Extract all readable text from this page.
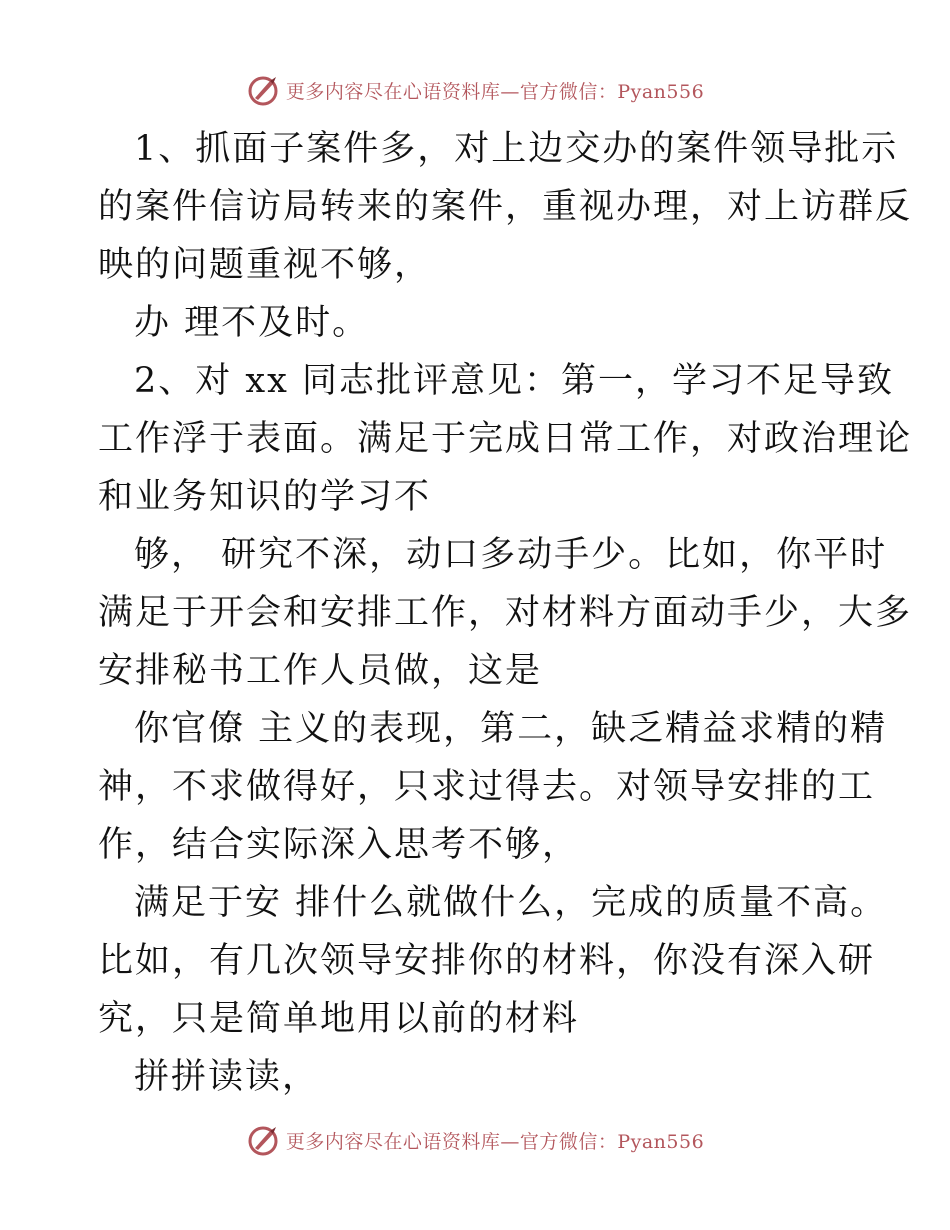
更多内容尽在心语资料库—官方微信：Pyan556

1、抓面子案件多，对上边交办的案件领导批示

的案件信访局转来的案件，重视办理，对上访群反

映的问题重视不够，

办 理不及时。

2、对 xx 同志批评意见：第一，学习不足导致

工作浮于表面。满足于完成日常工作，对政治理论

和业务知识的学习不

够， 研究不深，动口多动手少。比如，你平时

满足于开会和安排工作，对材料方面动手少，大多

安排秘书工作人员做，这是

你官僚 主义的表现，第二，缺乏精益求精的精

神，不求做得好，只求过得去。对领导安排的工

作，结合实际深入思考不够，

满足于安 排什么就做什么，完成的质量不高。

比如，有几次领导安排你的材料，你没有深入研

究，只是简单地用以前的材料

拼拼读读，

更多内容尽在心语资料库—官方微信：Pyan556
